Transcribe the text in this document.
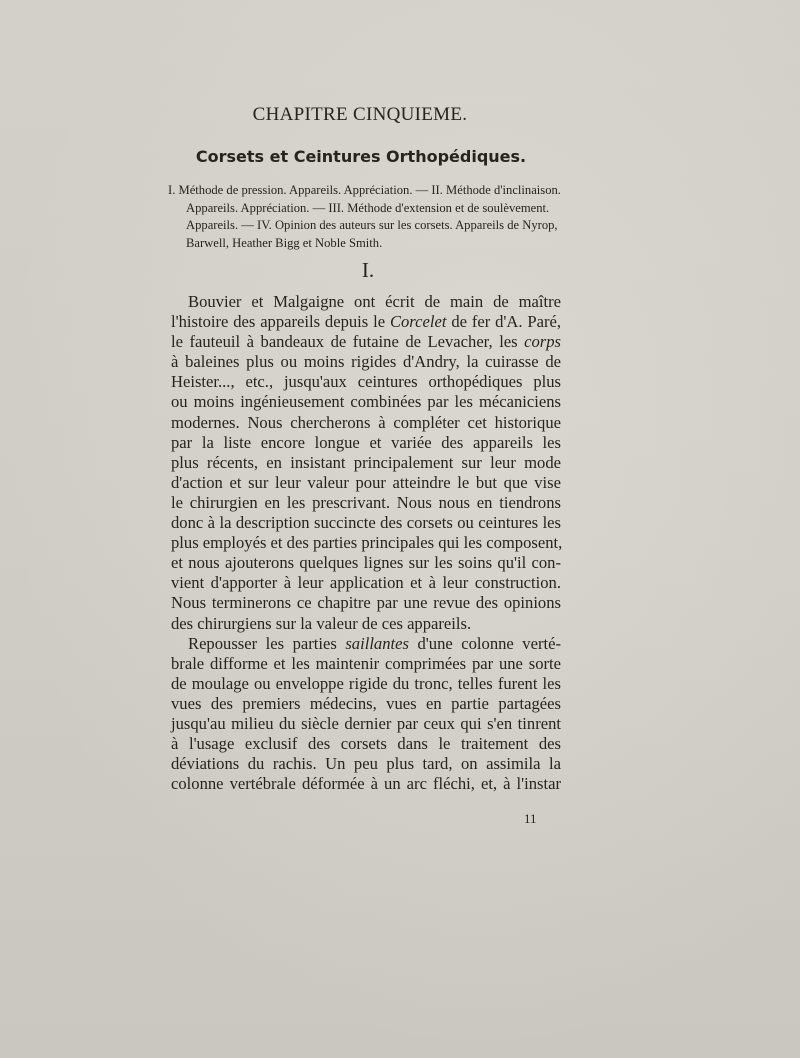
CHAPITRE CINQUIEME.
Corsets et Ceintures Orthopédiques.
I. Méthode de pression. Appareils. Appréciation. — II. Méthode d'inclinaison.
Appareils. Appréciation. — III. Méthode d'extension et de soulèvement.
Appareils. — IV. Opinion des auteurs sur les corsets. Appareils de Nyrop,
Barwell, Heather Bigg et Noble Smith.
I.
Bouvier et Malgaigne ont écrit de main de maître
l'histoire des appareils depuis le Corcelet de fer d'A. Paré,
le fauteuil à bandeaux de futaine de Levacher, les corps
à baleines plus ou moins rigides d'Andry, la cuirasse de
Heister..., etc., jusqu'aux ceintures orthopédiques plus
ou moins ingénieusement combinées par les mécaniciens
modernes. Nous chercherons à compléter cet historique
par la liste encore longue et variée des appareils les
plus récents, en insistant principalement sur leur mode
d'action et sur leur valeur pour atteindre le but que vise
le chirurgien en les prescrivant. Nous nous en tiendrons
donc à la description succincte des corsets ou ceintures les
plus employés et des parties principales qui les composent,
et nous ajouterons quelques lignes sur les soins qu'il con-
vient d'apporter à leur application et à leur construction.
Nous terminerons ce chapitre par une revue des opinions
des chirurgiens sur la valeur de ces appareils.
Repousser les parties saillantes d'une colonne verté-
brale difforme et les maintenir comprimées par une sorte
de moulage ou enveloppe rigide du tronc, telles furent les
vues des premiers médecins, vues en partie partagées
jusqu'au milieu du siècle dernier par ceux qui s'en tinrent
à l'usage exclusif des corsets dans le traitement des
déviations du rachis. Un peu plus tard, on assimila la
colonne vertébrale déformée à un arc fléchi, et, à l'instar
11
